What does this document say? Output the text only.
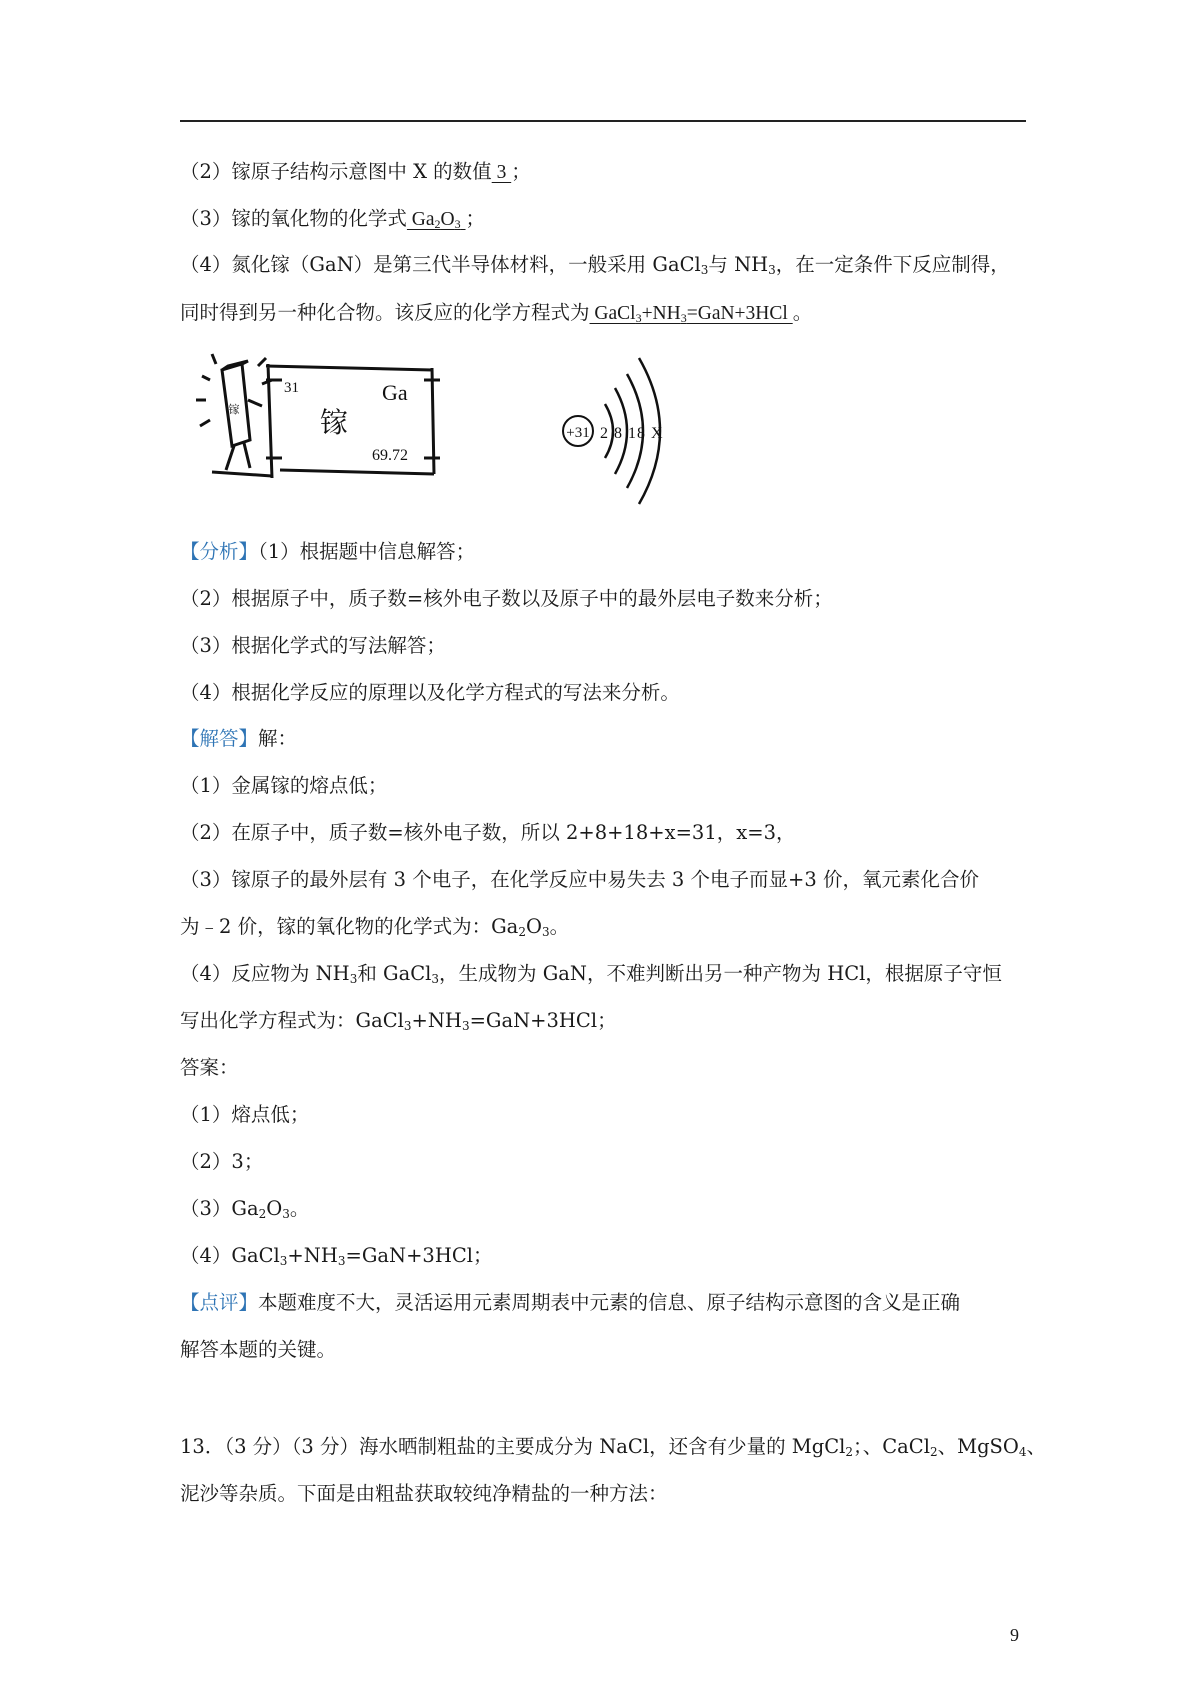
（2）镓原子结构示意图中 X 的数值 3 ；
（3）镓的氧化物的化学式 $Ga_2O_3$ ；
（4）氮化镓（GaN）是第三代半导体材料，一般采用 GaCl$_3$与 $NH_3$，在一定条件下反应制得，
同时得到另一种化合物。该反应的化学方程式为 $GaCl_3+NH_3=GaN+3HCl$ 。
镓
31
镓
Ga
69.72
+31 2 8 18 X
【分析】（1）根据题中信息解答；
（2）根据原子中，质子数=核外电子数以及原子中的最外层电子数来分析；
（3）根据化学式的写法解答；
（4）根据化学反应的原理以及化学方程式的写法来分析。
【解答】解：
（1）金属镓的熔点低；
（2）在原子中，质子数=核外电子数，所以 2+8+18+x=31，x=3，
（3）镓原子的最外层有 3 个电子，在化学反应中易失去 3 个电子而显+3 价，氧元素化合价
为﹣2 价，镓的氧化物的化学式为：$Ga_2O_3$。
（4）反应物为 $NH_3$和 GaCl$_3$，生成物为 GaN，不难判断出另一种产物为 HCl，根据原子守恒
写出化学方程式为：$GaCl_3+NH_3=GaN+3HCl$；
答案：
（1）熔点低；
（2）3；
$(3)Ga_2O_3$。
$(4)GaCl_3+NH_3=GaN+3HCl$；
【点评】本题难度不大，灵活运用元素周期表中元素的信息、原子结构示意图的含义是正确
解答本题的关键。
13．（3 分）（3 分）海水晒制粗盐的主要成分为 NaCl，还含有少量的 MgCl$_2$；、CaCl$_2$、MgSO$_4$、
泥沙等杂质。下面是由粗盐获取较纯净精盐的一种方法：
9
